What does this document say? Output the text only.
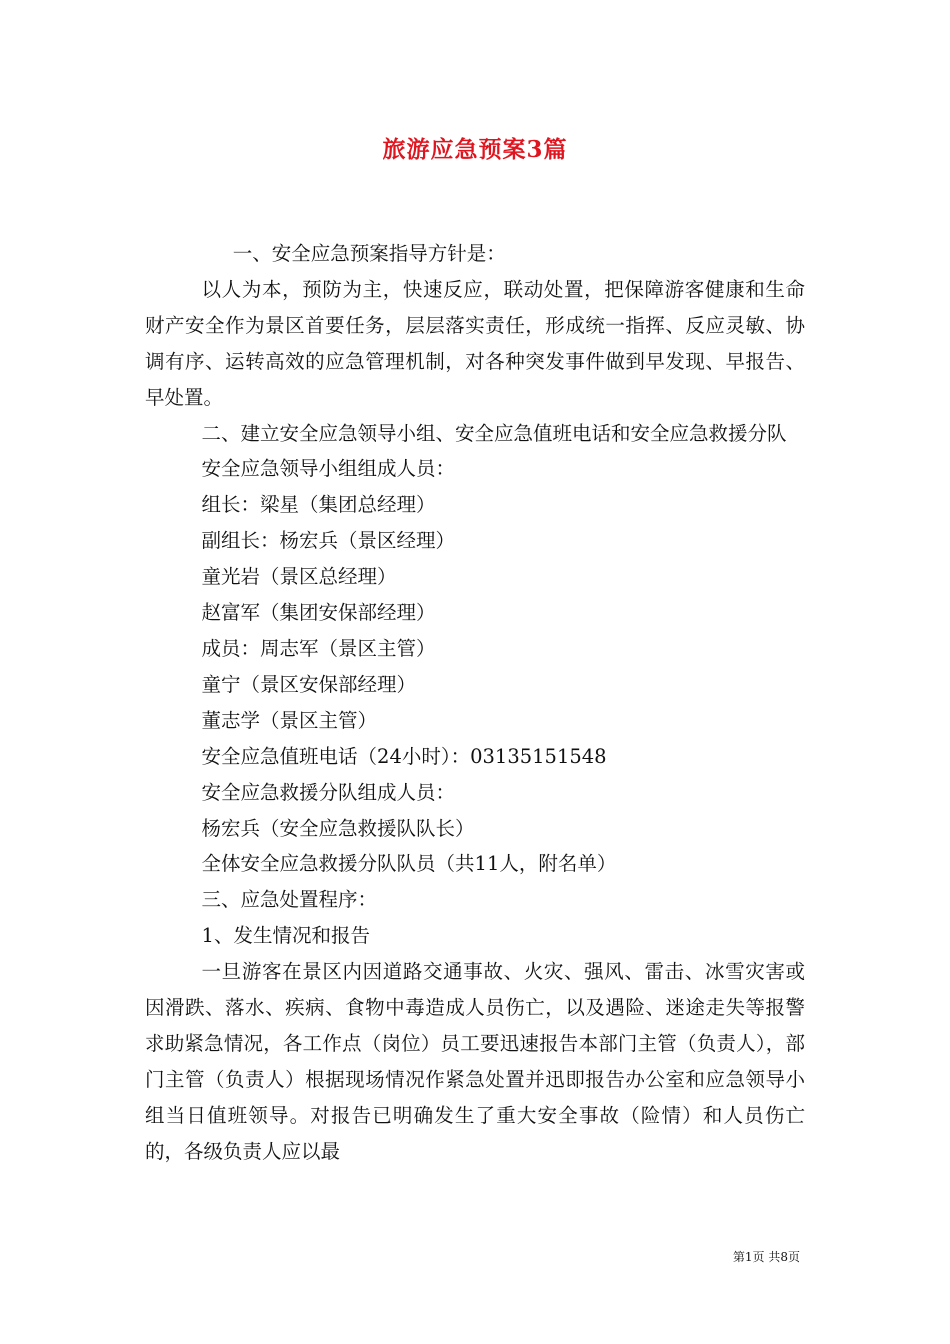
旅游应急预案3篇

一、安全应急预案指导方针是：

以人为本，预防为主，快速反应，联动处置，把保障游客健康和生命财产安全作为景区首要任务，层层落实责任，形成统一指挥、反应灵敏、协调有序、运转高效的应急管理机制，对各种突发事件做到早发现、早报告、早处置。

二、建立安全应急领导小组、安全应急值班电话和安全应急救援分队

安全应急领导小组组成人员：

组长：梁星（集团总经理）

副组长：杨宏兵（景区经理）

童光岩（景区总经理）

赵富军（集团安保部经理）

成员：周志军（景区主管）

童宁（景区安保部经理）

董志学（景区主管）

安全应急值班电话（24小时）：03135151548

安全应急救援分队组成人员：

杨宏兵（安全应急救援队队长）

全体安全应急救援分队队员（共11人，附名单）

三、应急处置程序：

1、发生情况和报告

一旦游客在景区内因道路交通事故、火灾、强风、雷击、冰雪灾害或因滑跌、落水、疾病、食物中毒造成人员伤亡，以及遇险、迷途走失等报警求助紧急情况，各工作点（岗位）员工要迅速报告本部门主管（负责人），部门主管（负责人）根据现场情况作紧急处置并迅即报告办公室和应急领导小组当日值班领导。对报告已明确发生了重大安全事故（险情）和人员伤亡的，各级负责人应以最

第1页 共8页
